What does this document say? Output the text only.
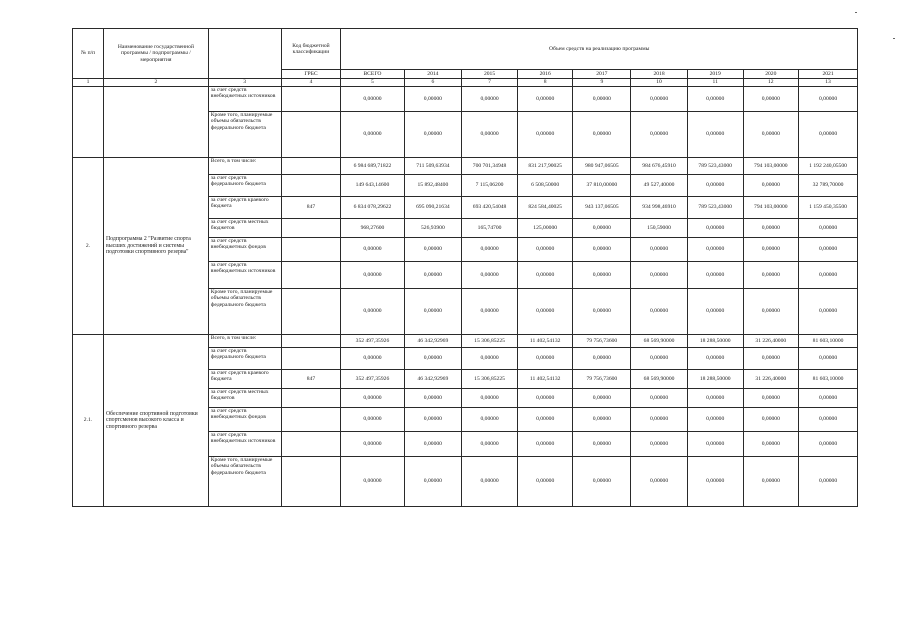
№ п/п	Наименование государственной программы / подпрограммы / мероприятия		Код бюджетной классификации	Объем средств на реализацию программы								
			ГРБС	ВСЕГО	2014	2015	2016	2017	2018	2019	2020	2021
1	2	3	4	5	6	7	8	9	10	11	12	13
		за счет средств внебюджетных источников		0,00000	0,00000	0,00000	0,00000	0,00000	0,00000	0,00000	0,00000	0,00000
		Кроме того, планируемые объемы обязательств федерального бюджета		0,00000	0,00000	0,00000	0,00000	0,00000	0,00000	0,00000	0,00000	0,00000
2.	Подпрограмма 2 "Развитие спорта высших достижений и системы подготовки спортивного резерва"	Всего, в том числе:		6 984 689,71822	711 509,63934	700 701,34948	831 217,90025	980 947,06505	984 676,45910	789 523,43000	794 103,00000	1 192 240,05500
		за счет средств федерального бюджета		149 643,14600	15 892,48400	7 115,06200	6 508,50000	37 810,00000	49 527,40000	0,00000	0,00000	32 789,70000
		за счет средств краевого бюджета	847	6 834 078,29622	695 090,21634	693 420,54048	824 584,40025	943 137,06505	934 998,46910	789 523,43000	794 103,00000	1 159 450,35500
		за счет средств местных бюджетов		968,27600	526,93900	165,74700	125,00000	0,00000	150,59000	0,00000	0,00000	0,00000
		за счет средств внебюджетных фондов		0,00000	0,00000	0,00000	0,00000	0,00000	0,00000	0,00000	0,00000	0,00000
		за счет средств внебюджетных источников		0,00000	0,00000	0,00000	0,00000	0,00000	0,00000	0,00000	0,00000	0,00000
		Кроме того, планируемые объемы обязательств федерального бюджета		0,00000	0,00000	0,00000	0,00000	0,00000	0,00000	0,00000	0,00000	0,00000
2.1.	Обеспечение спортивной подготовки спортсменов высокого класса и спортивного резерва	Всего, в том числе:		352 497,35926	46 342,92969	15 306,85225	11 402,54132	79 756,73600	68 569,90000	18 288,50000	31 226,40000	81 603,10000
		за счет средств федерального бюджета		0,00000	0,00000	0,00000	0,00000	0,00000	0,00000	0,00000	0,00000	0,00000
		за счет средств краевого бюджета	847	352 497,35926	46 342,92969	15 306,85225	11 402,54132	79 756,73600	68 569,90000	18 288,50000	31 226,40000	81 603,10000
		за счет средств местных бюджетов		0,00000	0,00000	0,00000	0,00000	0,00000	0,00000	0,00000	0,00000	0,00000
		за счет средств внебюджетных фондов		0,00000	0,00000	0,00000	0,00000	0,00000	0,00000	0,00000	0,00000	0,00000
		за счет средств внебюджетных источников		0,00000	0,00000	0,00000	0,00000	0,00000	0,00000	0,00000	0,00000	0,00000
		Кроме того, планируемые объемы обязательств федерального бюджета		0,00000	0,00000	0,00000	0,00000	0,00000	0,00000	0,00000	0,00000	0,00000
